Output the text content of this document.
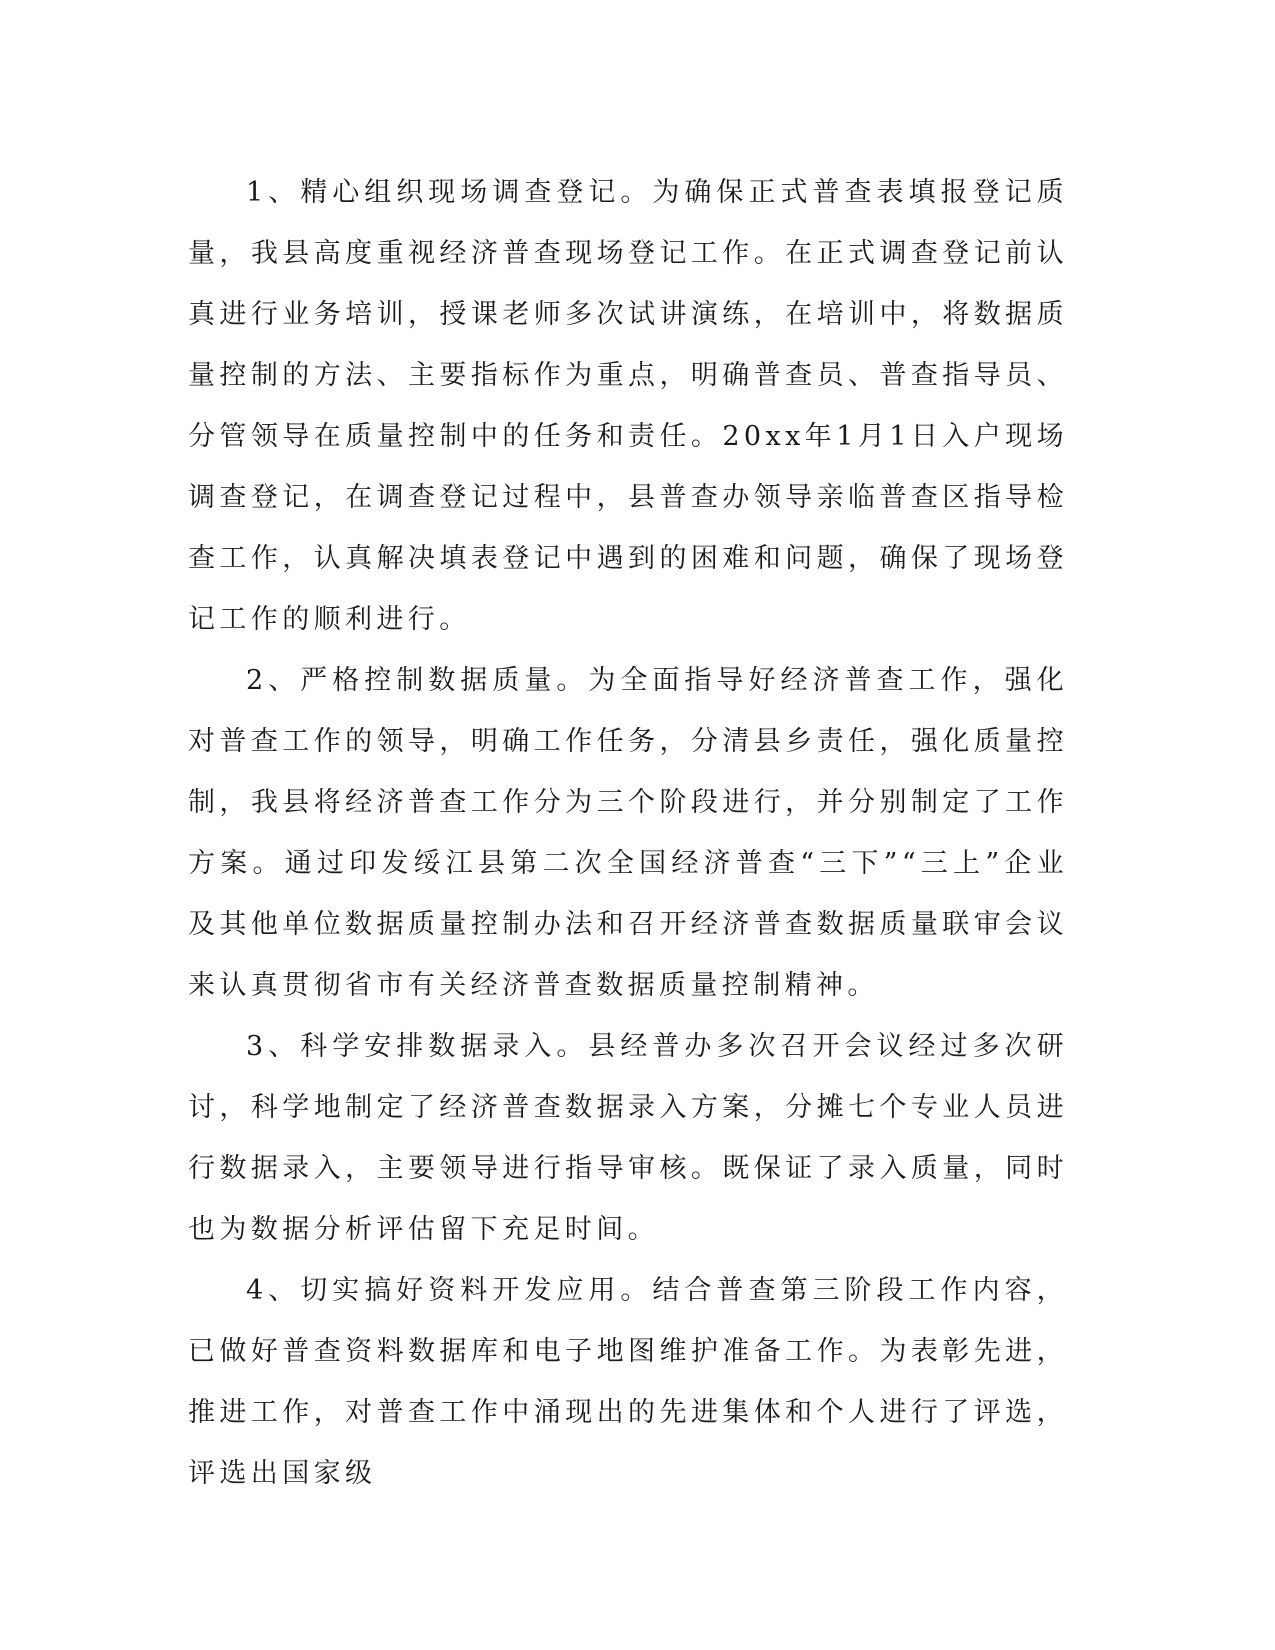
1、精心组织现场调查登记。为确保正式普查表填报登记质量，我县高度重视经济普查现场登记工作。在正式调查登记前认真进行业务培训，授课老师多次试讲演练，在培训中，将数据质量控制的方法、主要指标作为重点，明确普查员、普查指导员、分管领导在质量控制中的任务和责任。20xx年1月1日入户现场调查登记，在调查登记过程中，县普查办领导亲临普查区指导检查工作，认真解决填表登记中遇到的困难和问题，确保了现场登记工作的顺利进行。

2、严格控制数据质量。为全面指导好经济普查工作，强化对普查工作的领导，明确工作任务，分清县乡责任，强化质量控制，我县将经济普查工作分为三个阶段进行，并分别制定了工作方案。通过印发绥江县第二次全国经济普查“三下”“三上”企业及其他单位数据质量控制办法和召开经济普查数据质量联审会议来认真贯彻省市有关经济普查数据质量控制精神。

3、科学安排数据录入。县经普办多次召开会议经过多次研讨，科学地制定了经济普查数据录入方案，分摊七个专业人员进行数据录入，主要领导进行指导审核。既保证了录入质量，同时也为数据分析评估留下充足时间。

4、切实搞好资料开发应用。结合普查第三阶段工作内容，已做好普查资料数据库和电子地图维护准备工作。为表彰先进，推进工作，对普查工作中涌现出的先进集体和个人进行了评选，评选出国家级
